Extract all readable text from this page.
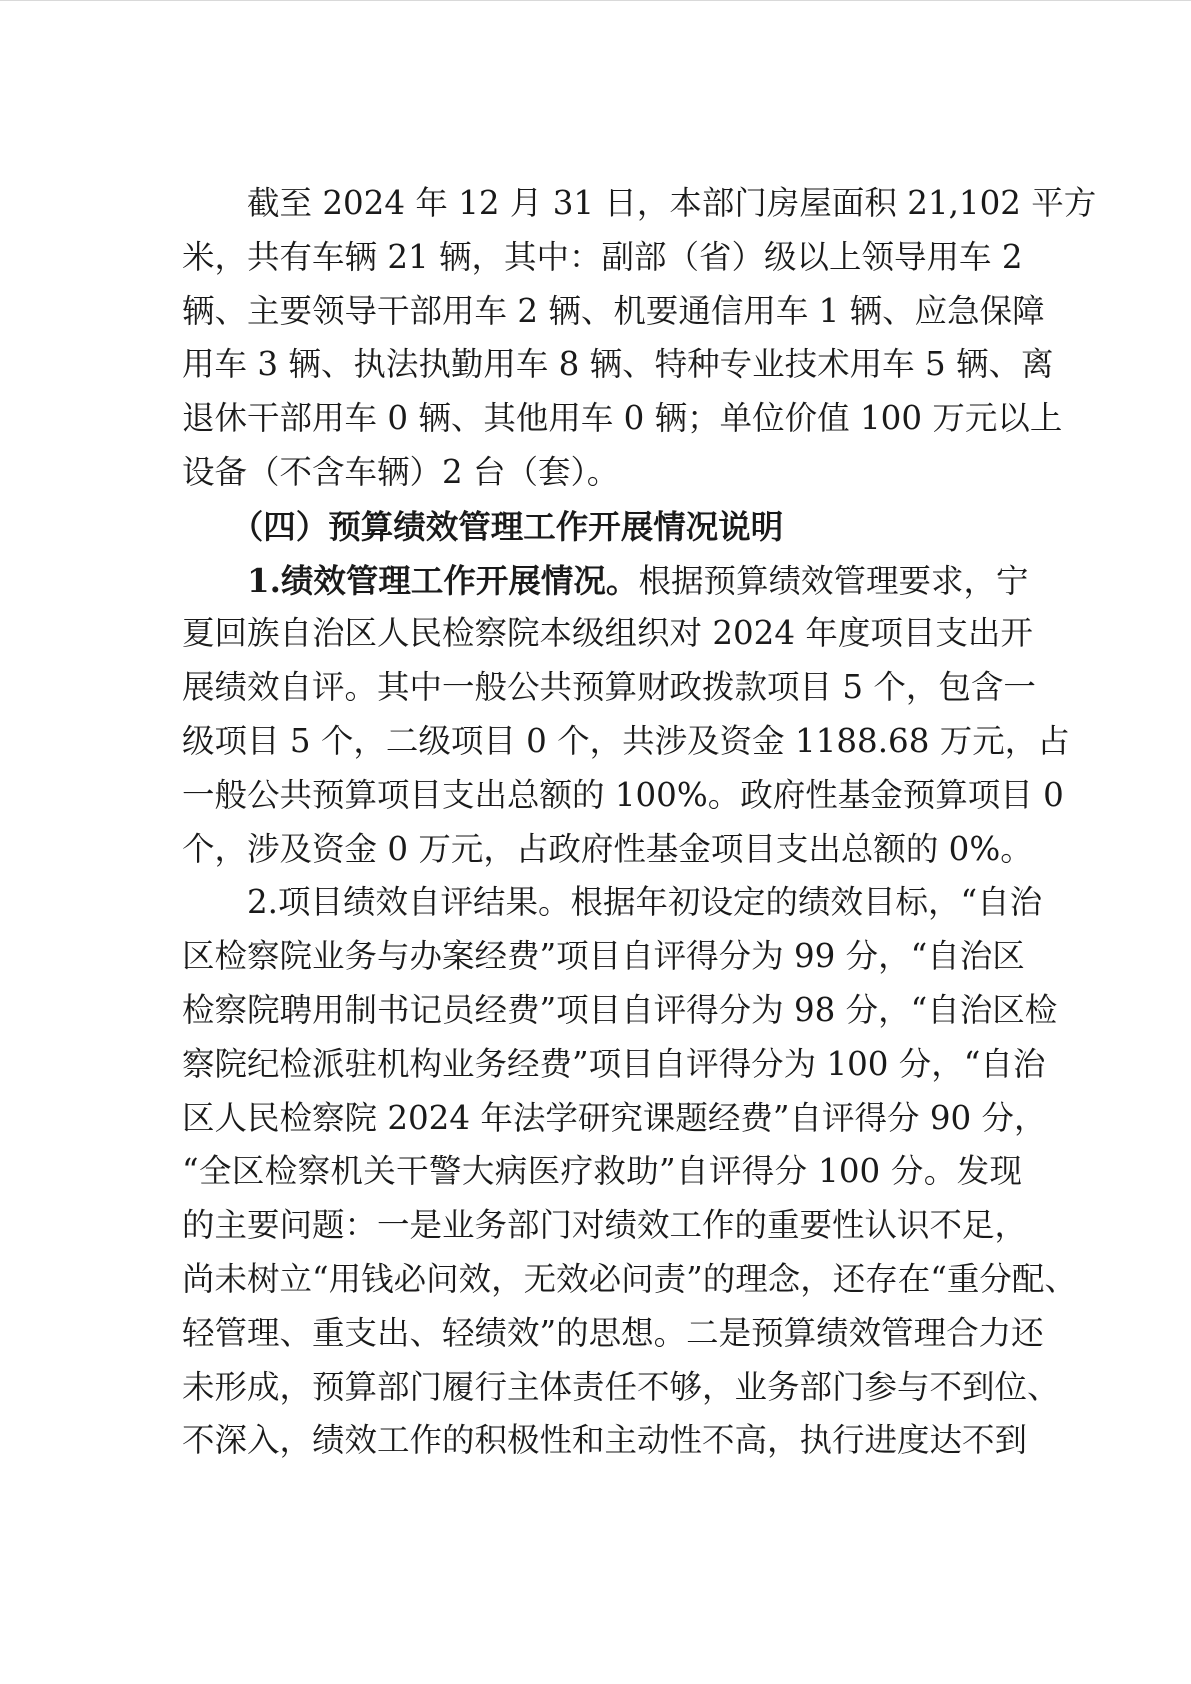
　　截至 2024 年 12 月 31 日，本部门房屋面积 21,102 平方
米，共有车辆 21 辆，其中：副部（省）级以上领导用车 2
辆、主要领导干部用车 2 辆、机要通信用车 1 辆、应急保障
用车 3 辆、执法执勤用车 8 辆、特种专业技术用车 5 辆、离
退休干部用车 0 辆、其他用车 0 辆；单位价值 100 万元以上
设备（不含车辆）2 台（套）。
　　（四）预算绩效管理工作开展情况说明
　　1.绩效管理工作开展情况。根据预算绩效管理要求，宁
夏回族自治区人民检察院本级组织对 2024 年度项目支出开
展绩效自评。其中一般公共预算财政拨款项目 5 个，包含一
级项目 5 个，二级项目 0 个，共涉及资金 1188.68 万元，占
一般公共预算项目支出总额的 100%。政府性基金预算项目 0
个，涉及资金 0 万元，占政府性基金项目支出总额的 0%。
　　2.项目绩效自评结果。根据年初设定的绩效目标，“自治
区检察院业务与办案经费”项目自评得分为 99 分，“自治区
检察院聘用制书记员经费”项目自评得分为 98 分，“自治区检
察院纪检派驻机构业务经费”项目自评得分为 100 分，“自治
区人民检察院 2024 年法学研究课题经费”自评得分 90 分，
“全区检察机关干警大病医疗救助”自评得分 100 分。发现
的主要问题：一是业务部门对绩效工作的重要性认识不足，
尚未树立“用钱必问效，无效必问责”的理念，还存在“重分配、
轻管理、重支出、轻绩效”的思想。二是预算绩效管理合力还
未形成，预算部门履行主体责任不够，业务部门参与不到位、
不深入，绩效工作的积极性和主动性不高，执行进度达不到
